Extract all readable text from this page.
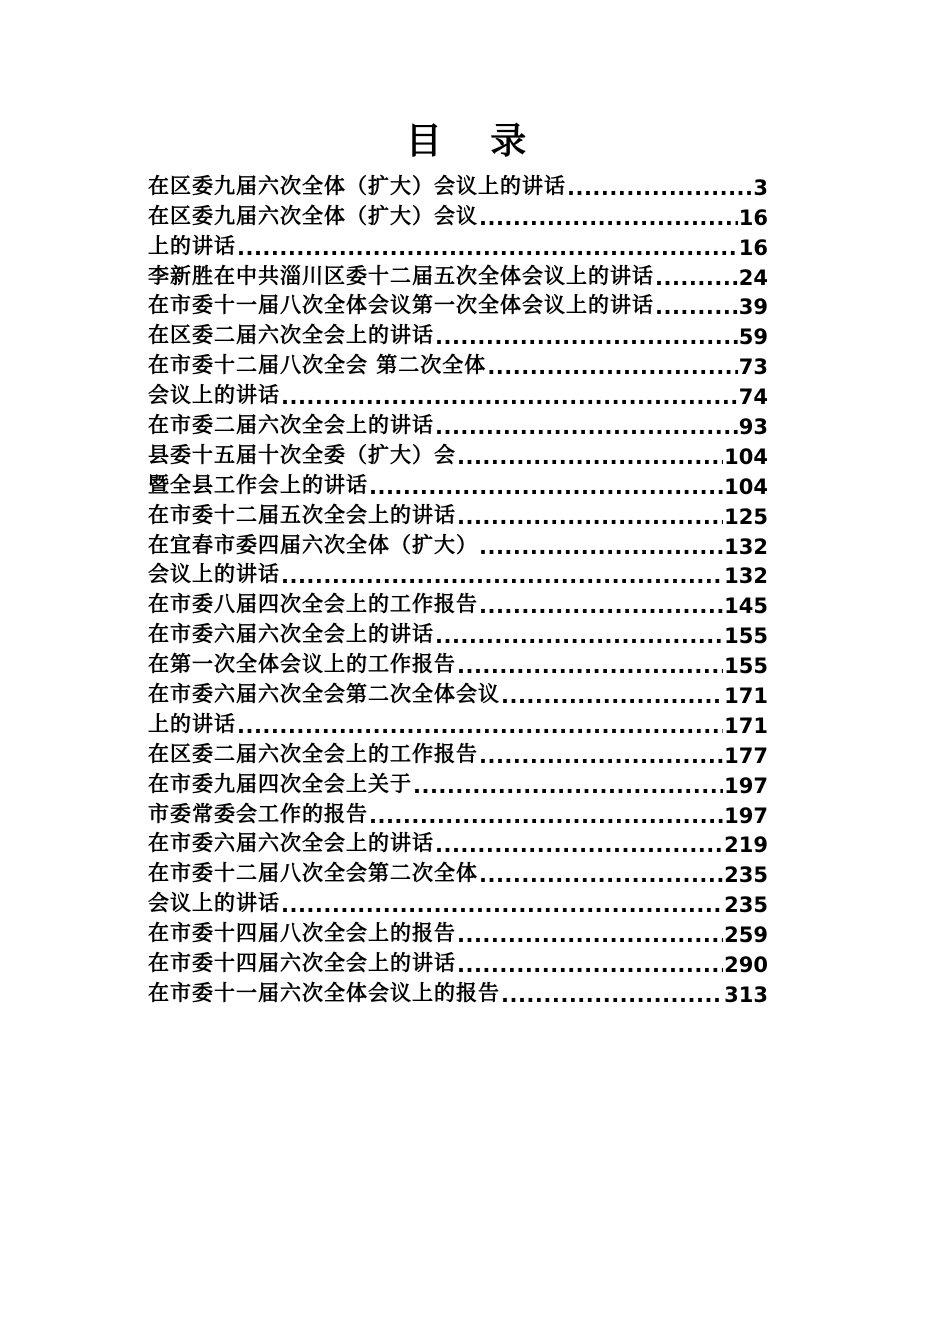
目 录
在区委九届六次全体（扩大）会议上的讲话 .....	3
在区委九届六次全体（扩大）会议 .....	16
上的讲话 .....	16
李新胜在中共淄川区委十二届五次全体会议上的讲话 .....	24
在市委十一届八次全体会议第一次全体会议上的讲话 .....	39
在区委二届六次全会上的讲话 .....	59
在市委十二届八次全会 第二次全体 .....	73
会议上的讲话 .....	74
在市委二届六次全会上的讲话 .....	93
县委十五届十次全委（扩大）会 .....	104
暨全县工作会上的讲话 .....	104
在市委十二届五次全会上的讲话 .....	125
在宜春市委四届六次全体（扩大） .....	132
会议上的讲话 .....	132
在市委八届四次全会上的工作报告 .....	145
在市委六届六次全会上的讲话 .....	155
在第一次全体会议上的工作报告 .....	155
在市委六届六次全会第二次全体会议 .....	171
上的讲话 .....	171
在区委二届六次全会上的工作报告 .....	177
在市委九届四次全会上关于 .....	197
市委常委会工作的报告 .....	197
在市委六届六次全会上的讲话 .....	219
在市委十二届八次全会第二次全体 .....	235
会议上的讲话 .....	235
在市委十四届八次全会上的报告 .....	259
在市委十四届六次全会上的讲话 .....	290
在市委十一届六次全体会议上的报告 .....	313
